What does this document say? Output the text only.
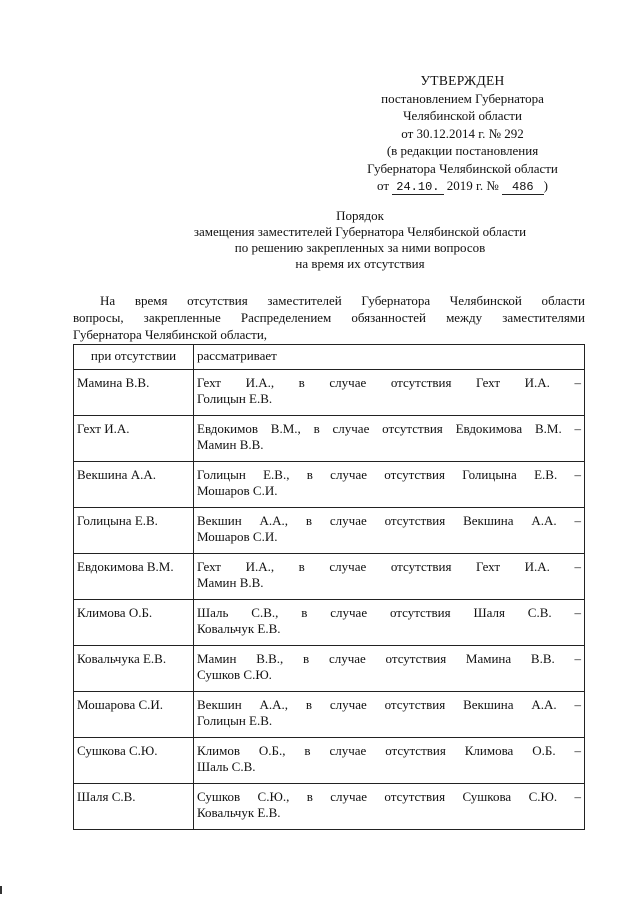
УТВЕРЖДЕН
постановлением Губернатора
Челябинской области
от 30.12.2014 г. № 292
(в редакции постановления
Губернатора Челябинской области
от 24.10. 2019 г. № 486 )
Порядок
замещения заместителей Губернатора Челябинской области
по решению закрепленных за ними вопросов
на время их отсутствия
На время отсутствия заместителей Губернатора Челябинской области
вопросы, закрепленные Распределением обязанностей между заместителями
Губернатора Челябинской области,
при отсутствии	рассматривает
Мамина В.В.	Гехт И.А., в случае отсутствия Гехт И.А. –
Голицын Е.В.

Гехт И.А.	Евдокимов В.М., в случае отсутствия Евдокимова В.М. –
Мамин В.В.

Векшина А.А.	Голицын Е.В., в случае отсутствия Голицына Е.В. –
Мошаров С.И.

Голицына Е.В.	Векшин А.А., в случае отсутствия Векшина А.А. –
Мошаров С.И.

Евдокимова В.М.	Гехт И.А., в случае отсутствия Гехт И.А. –
Мамин В.В.

Климова О.Б.	Шаль С.В., в случае отсутствия Шаля С.В. –
Ковальчук Е.В.

Ковальчука Е.В.	Мамин В.В., в случае отсутствия Мамина В.В. –
Сушков С.Ю.

Мошарова С.И.	Векшин А.А., в случае отсутствия Векшина А.А. –
Голицын Е.В.

Сушкова С.Ю.	Климов О.Б., в случае отсутствия Климова О.Б. –
Шаль С.В.

Шаля С.В.	Сушков С.Ю., в случае отсутствия Сушкова С.Ю. –
Ковальчук Е.В.
